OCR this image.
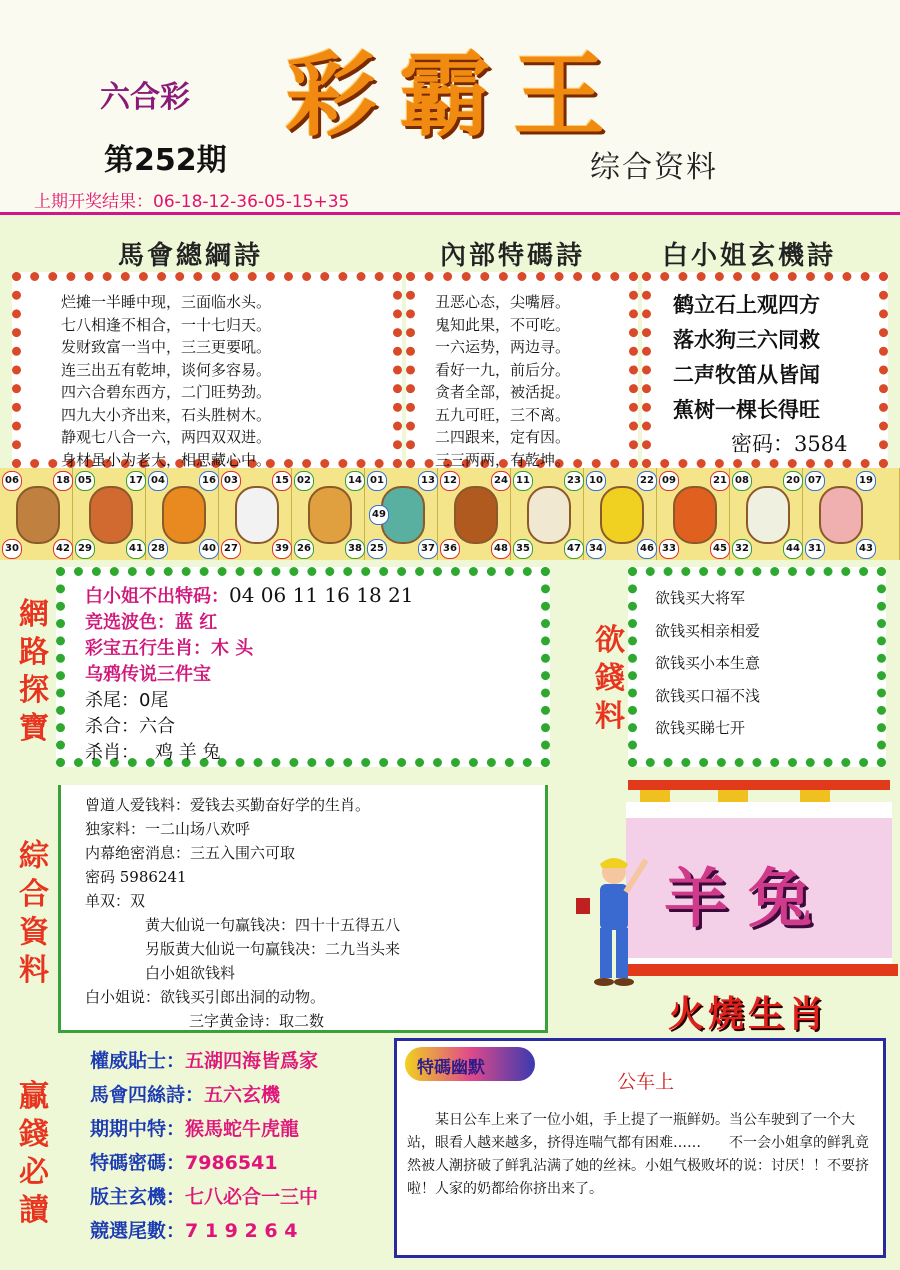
六合彩 彩霸王
第252期	综合资料
上期开奖结果：06-18-12-36-05-15+35
馬會總綱詩	內部特碼詩	白小姐玄機詩
烂摊一半睡中现，三面临水头。
七八相逢不相合，一十七归天。
发财致富一当中，三三更要吼。
连三出五有乾坤，谈何多容易。
四六合碧东西方，二门旺势劲。
四九大小齐出来，石头胜树木。
静观七八合一六，两四双双进。
身材虽小为老大，相思藏心中。
丑恶心态，尖嘴唇。
鬼知此果，不可吃。
一六运势，两边寻。
看好一九，前后分。
贪者全部，被活捉。
五九可旺，三不离。
二四跟来，定有因。
三三两两，有乾坤。
鹤立石上观四方
落水狗三六同救
二声牧笛从皆闻
蕉树一棵长得旺
密码：3584
06	18
30	42
05	17
29	41
04	16
28	40
03	15
27	39
02	14
26	38
01	13
25	37
49
12	24
36	48
11	23
35	47
10	22
34	46
09	21
33	45
08	20
32	44
07	19
31	43
網路探寶
白小姐不出特码：04 06 11 16 18 21
竞选波色：蓝 红
彩宝五行生肖：木 头
乌鸦传说三件宝
杀尾：0尾
杀合：六合
杀肖： 鸡 羊 兔
欲錢料
欲钱买大将军
欲钱买相亲相爱
欲钱买小本生意
欲钱买口福不浅
欲钱买睇七开
綜合資料
曾道人爱钱料：爱钱去买勤奋好学的生肖。
独家料：一二山场八欢呼
内幕绝密消息：三五入围六可取
密码 5986241
单双：双
黄大仙说一句赢钱决：四十十五得五八
另版黄大仙说一句赢钱决：二九当头来
白小姐欲钱料
白小姐说：欲钱买引郎出洞的动物。
三字黄金诗：取二数
羊兔
火燒生肖
贏錢必讀
權威貼士：五湖四海皆爲家
馬會四絲詩：五六玄機
期期中特：猴馬蛇牛虎龍
特碼密碼：7986541
版主玄機：七八必合一三中
競選尾數：7 1 9 2 6 4
特碼幽默
公车上
某日公车上来了一位小姐，手上提了一瓶鲜奶。当公车驶到了一个大站，眼看人越来越多，挤得连喘气都有困难……　　不一会小姐拿的鲜乳竟然被人潮挤破了鲜乳沾满了她的丝袜。小姐气极败坏的说：讨厌！！不要挤啦！人家的奶都给你挤出来了。
